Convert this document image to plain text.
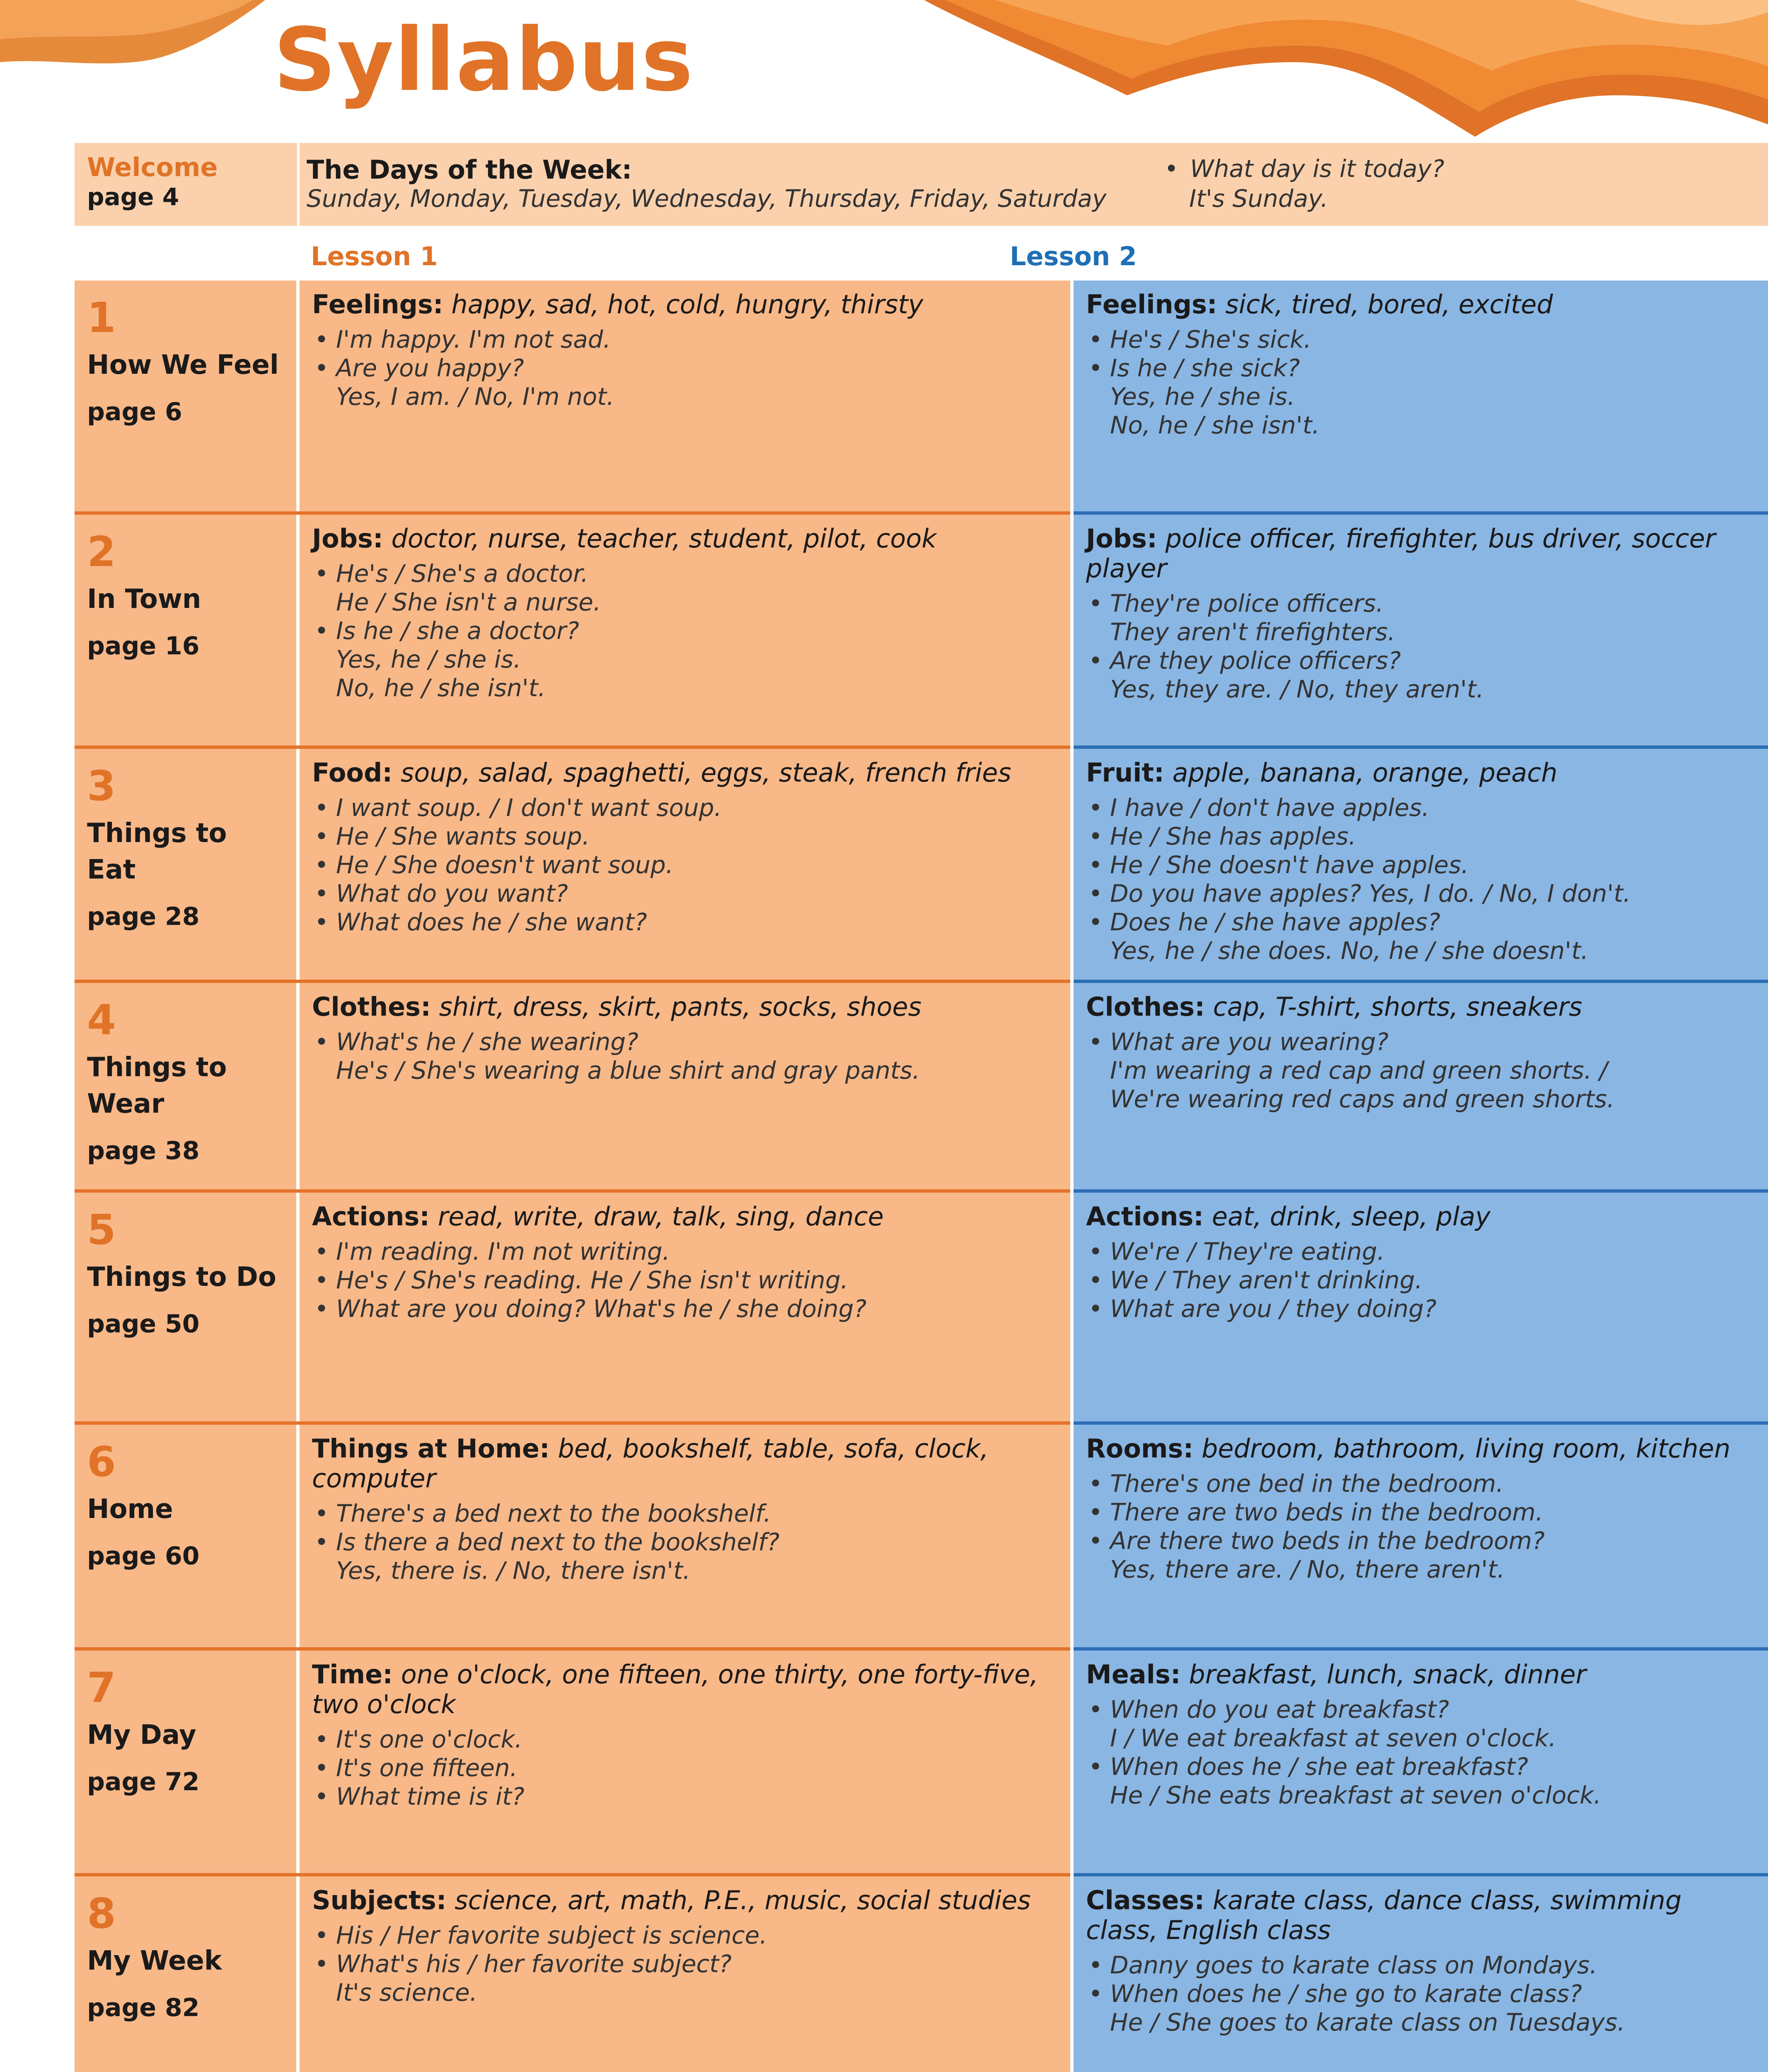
Syllabus
Welcome
page 4
The Days of the Week:
Sunday, Monday, Tuesday, Wednesday, Thursday, Friday, Saturday
• What day is it today?
It's Sunday.
Lesson 1	Lesson 2
1
How We Feel
page 6
Feelings: happy, sad, hot, cold, hungry, thirsty
• I'm happy. I'm not sad.
• Are you happy?
Yes, I am. / No, I'm not.
Feelings: sick, tired, bored, excited
• He's / She's sick.
• Is he / she sick?
Yes, he / she is.
No, he / she isn't.
2
In Town
page 16
Jobs: doctor, nurse, teacher, student, pilot, cook
• He's / She's a doctor.
He / She isn't a nurse.
• Is he / she a doctor?
Yes, he / she is.
No, he / she isn't.
Jobs: police officer, firefighter, bus driver, soccer player
• They're police officers.
They aren't firefighters.
• Are they police officers?
Yes, they are. / No, they aren't.
3
Things to Eat
page 28
Food: soup, salad, spaghetti, eggs, steak, french fries
• I want soup. / I don't want soup.
• He / She wants soup.
• He / She doesn't want soup.
• What do you want?
• What does he / she want?
Fruit: apple, banana, orange, peach
• I have / don't have apples.
• He / She has apples.
• He / She doesn't have apples.
• Do you have apples? Yes, I do. / No, I don't.
• Does he / she have apples?
Yes, he / she does. No, he / she doesn't.
4
Things to Wear
page 38
Clothes: shirt, dress, skirt, pants, socks, shoes
• What's he / she wearing?
He's / She's wearing a blue shirt and gray pants.
Clothes: cap, T-shirt, shorts, sneakers
• What are you wearing?
I'm wearing a red cap and green shorts. /
We're wearing red caps and green shorts.
5
Things to Do
page 50
Actions: read, write, draw, talk, sing, dance
• I'm reading. I'm not writing.
• He's / She's reading. He / She isn't writing.
• What are you doing? What's he / she doing?
Actions: eat, drink, sleep, play
• We're / They're eating.
• We / They aren't drinking.
• What are you / they doing?
6
Home
page 60
Things at Home: bed, bookshelf, table, sofa, clock, computer
• There's a bed next to the bookshelf.
• Is there a bed next to the bookshelf?
Yes, there is. / No, there isn't.
Rooms: bedroom, bathroom, living room, kitchen
• There's one bed in the bedroom.
• There are two beds in the bedroom.
• Are there two beds in the bedroom?
Yes, there are. / No, there aren't.
7
My Day
page 72
Time: one o'clock, one fifteen, one thirty, one forty-five, two o'clock
• It's one o'clock.
• It's one fifteen.
• What time is it?
Meals: breakfast, lunch, snack, dinner
• When do you eat breakfast?
I / We eat breakfast at seven o'clock.
• When does he / she eat breakfast?
He / She eats breakfast at seven o'clock.
8
My Week
page 82
Subjects: science, art, math, P.E., music, social studies
• His / Her favorite subject is science.
• What's his / her favorite subject?
It's science.
Classes: karate class, dance class, swimming class, English class
• Danny goes to karate class on Mondays.
• When does he / she go to karate class?
He / She goes to karate class on Tuesdays.
